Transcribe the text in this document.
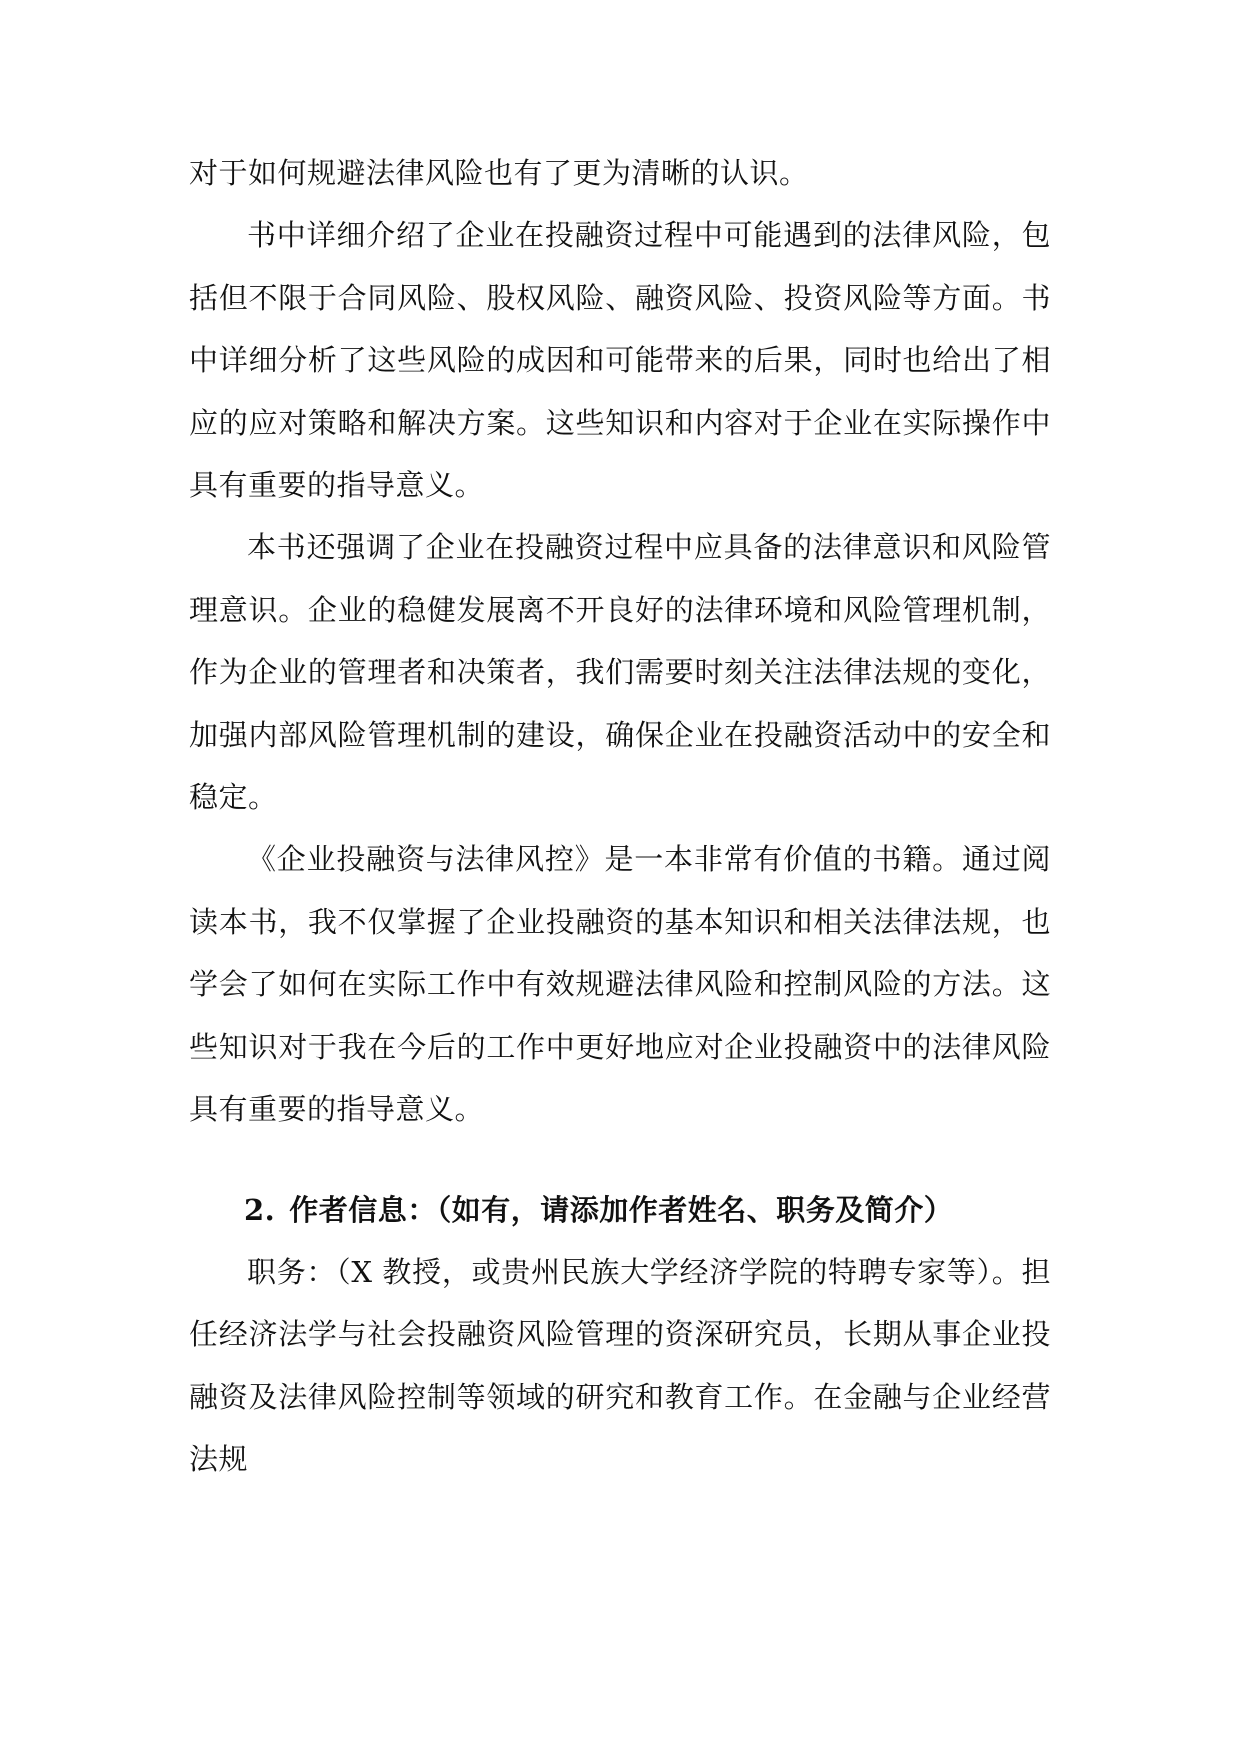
对于如何规避法律风险也有了更为清晰的认识。

书中详细介绍了企业在投融资过程中可能遇到的法律风险，包括但不限于合同风险、股权风险、融资风险、投资风险等方面。书中详细分析了这些风险的成因和可能带来的后果，同时也给出了相应的应对策略和解决方案。这些知识和内容对于企业在实际操作中具有重要的指导意义。

本书还强调了企业在投融资过程中应具备的法律意识和风险管理意识。企业的稳健发展离不开良好的法律环境和风险管理机制，作为企业的管理者和决策者，我们需要时刻关注法律法规的变化，加强内部风险管理机制的建设，确保企业在投融资活动中的安全和稳定。

《企业投融资与法律风控》是一本非常有价值的书籍。通过阅读本书，我不仅掌握了企业投融资的基本知识和相关法律法规，也学会了如何在实际工作中有效规避法律风险和控制风险的方法。这些知识对于我在今后的工作中更好地应对企业投融资中的法律风险具有重要的指导意义。

2. 作者信息：（如有，请添加作者姓名、职务及简介）

职务：（X 教授，或贵州民族大学经济学院的特聘专家等）。担任经济法学与社会投融资风险管理的资深研究员，长期从事企业投融资及法律风险控制等领域的研究和教育工作。在金融与企业经营法规
